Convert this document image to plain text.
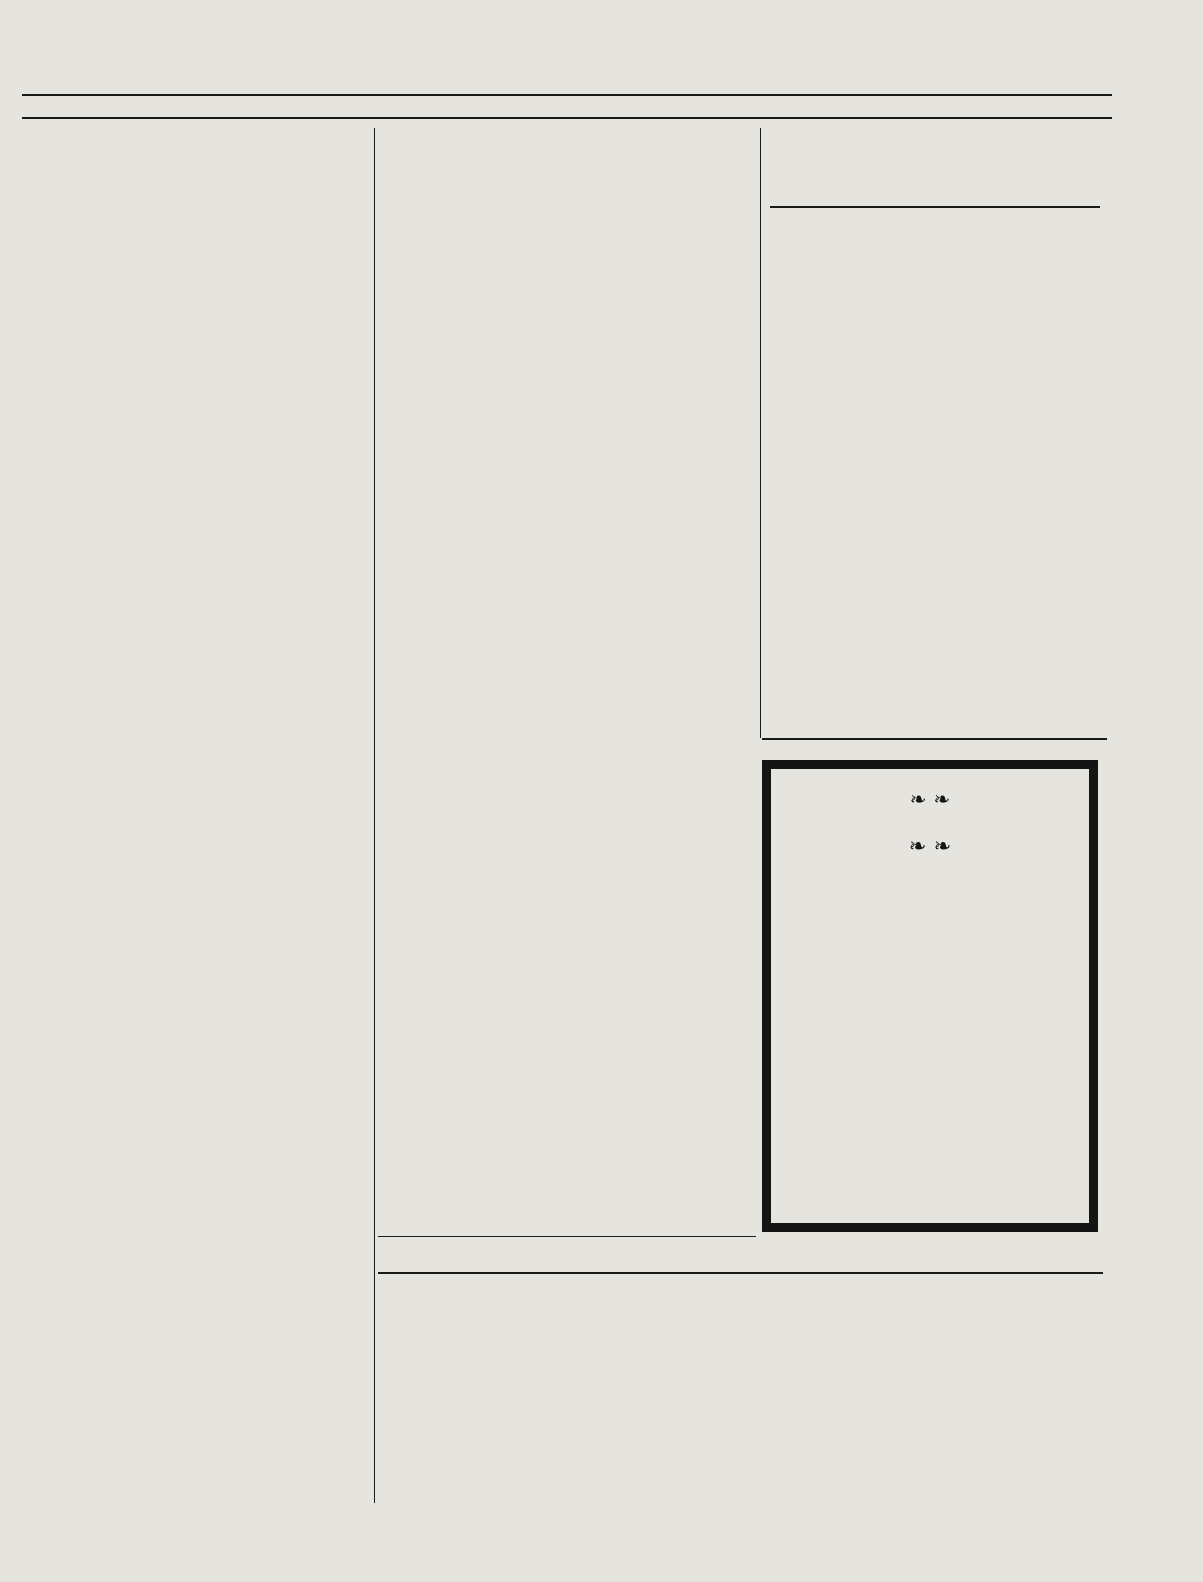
❧ ❧
❧ ❧
